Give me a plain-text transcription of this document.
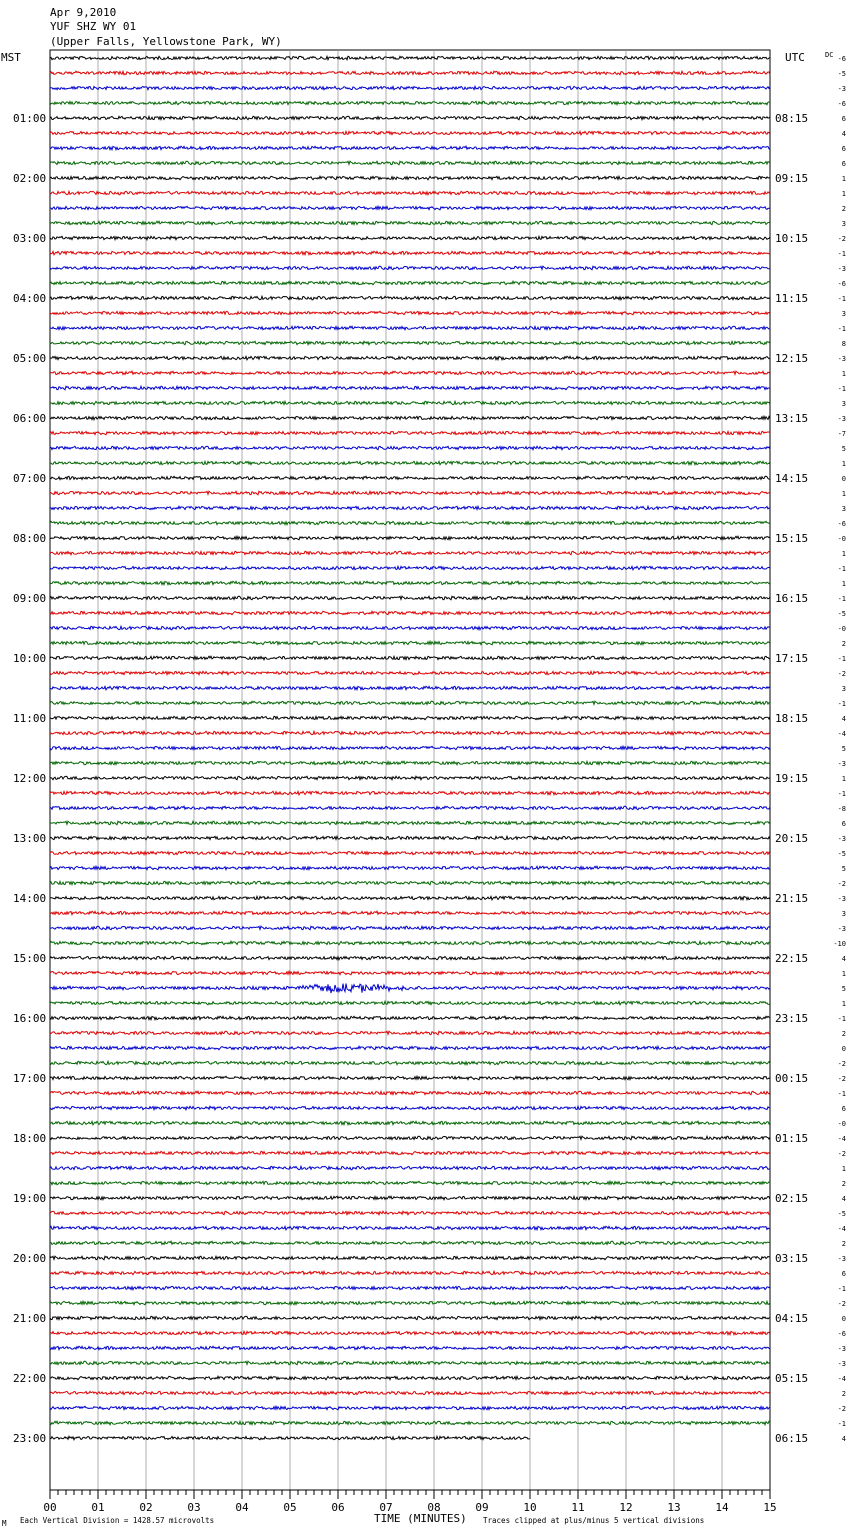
Apr 9,2010
YUF SHZ WY 01
(Upper Falls, Yellowstone Park, WY)
MST	UTC	DC
01:00
02:00
03:00
04:00
05:00
06:00
07:00
08:00
09:00
10:00
11:00
12:00
13:00
14:00
15:00
16:00
17:00
18:00
19:00
20:00
21:00
22:00
23:00
08:15
09:15
10:15
11:15
12:15
13:15
14:15
15:15
16:15
17:15
18:15
19:15
20:15
21:15
22:15
23:15
00:15
01:15
02:15
03:15
04:15
05:15
06:15
-6
-5
-3
-6
6
4
6
6
1
1
2
3
-2
-1
-3
-6
-1
3
-1
8
-3
1
-1
3
-3
-7
5
1
0
1
3
-6
-0
1
-1
1
-1
-5
-0
2
-1
-2
3
-1
4
-4
5
-3
1
-1
-8
6
-3
-5
5
-2
-3
3
-3
-10
4
1
5
1
-1
2
0
-2
-2
-1
6
-0
-4
-2
1
2
4
-5
-4
2
-3
6
-1
-2
0
-6
-3
-3
-4
2
-2
-1
4
00	01	02	03	04	05	06	07	08	09	10	11	12	13	14	15
TIME (MINUTES)
Each Vertical Division = 1428.57 microvolts	Traces clipped at plus/minus 5 vertical divisions
M
